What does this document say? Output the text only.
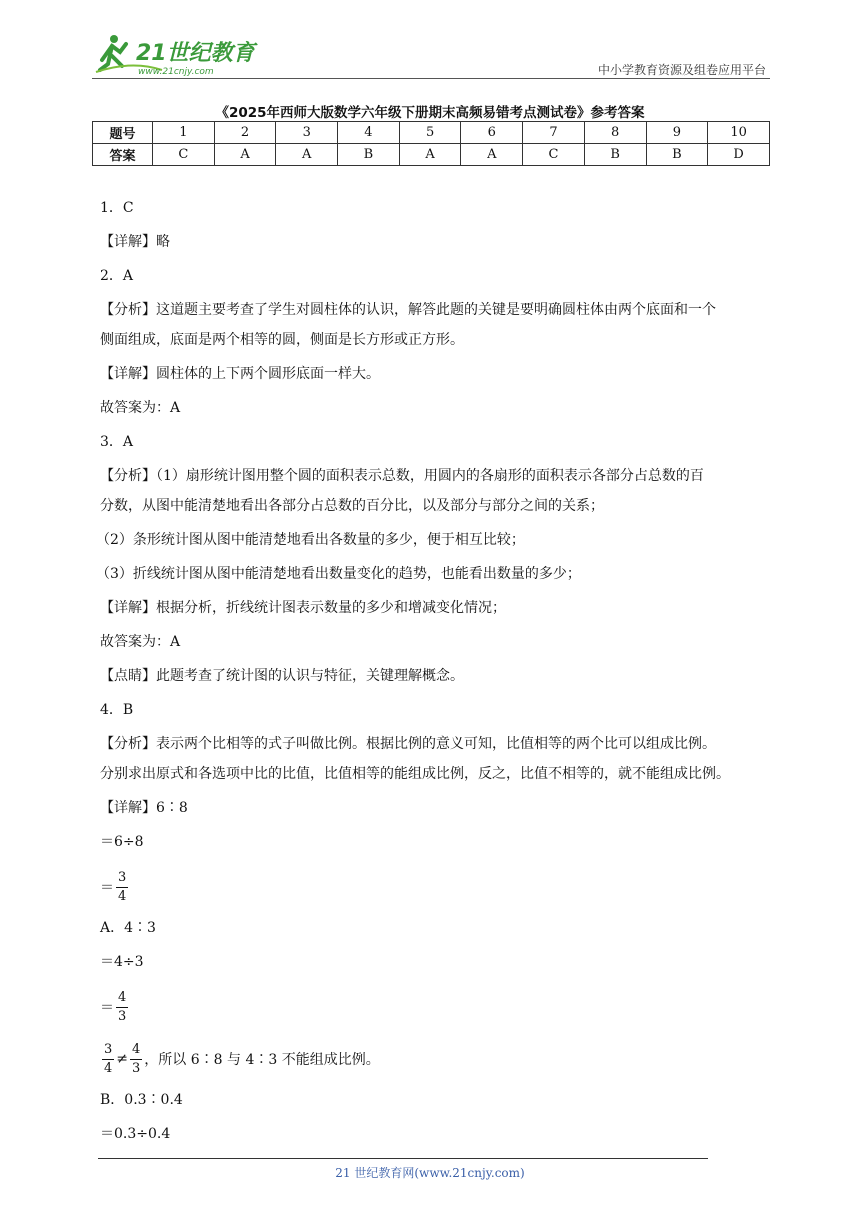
21世纪教育
www.21cnjy.com	中小学教育资源及组卷应用平台
《2025年西师大版数学六年级下册期末高频易错考点测试卷》参考答案
题号	1	2	3	4	5	6	7	8	9	10
答案	C	A	A	B	A	A	C	B	B	D
1．C
【详解】略
2．A
【分析】这道题主要考查了学生对圆柱体的认识，解答此题的关键是要明确圆柱体由两个底面和一个
侧面组成，底面是两个相等的圆，侧面是长方形或正方形。
【详解】圆柱体的上下两个圆形底面一样大。
故答案为：A
3．A
【分析】（1）扇形统计图用整个圆的面积表示总数，用圆内的各扇形的面积表示各部分占总数的百
分数，从图中能清楚地看出各部分占总数的百分比，以及部分与部分之间的关系；
（2）条形统计图从图中能清楚地看出各数量的多少，便于相互比较；
（3）折线统计图从图中能清楚地看出数量变化的趋势，也能看出数量的多少；
【详解】根据分析，折线统计图表示数量的多少和增减变化情况；
故答案为：A
【点睛】此题考查了统计图的认识与特征，关键理解概念。
4．B
【分析】表示两个比相等的式子叫做比例。根据比例的意义可知，比值相等的两个比可以组成比例。
分别求出原式和各选项中比的比值，比值相等的能组成比例，反之，比值不相等的，就不能组成比例。
【详解】6∶8
＝6÷8
＝ $\frac{3}{4}$
A．4∶3
＝4÷3
＝ $\frac{4}{3}$
$\frac{3}{4} \ne \frac{4}{3}$ ，所以 6∶8 与 4∶3 不能组成比例。
B．0.3∶0.4
＝0.3÷0.4
21 世纪教育网(www.21cnjy.com)
